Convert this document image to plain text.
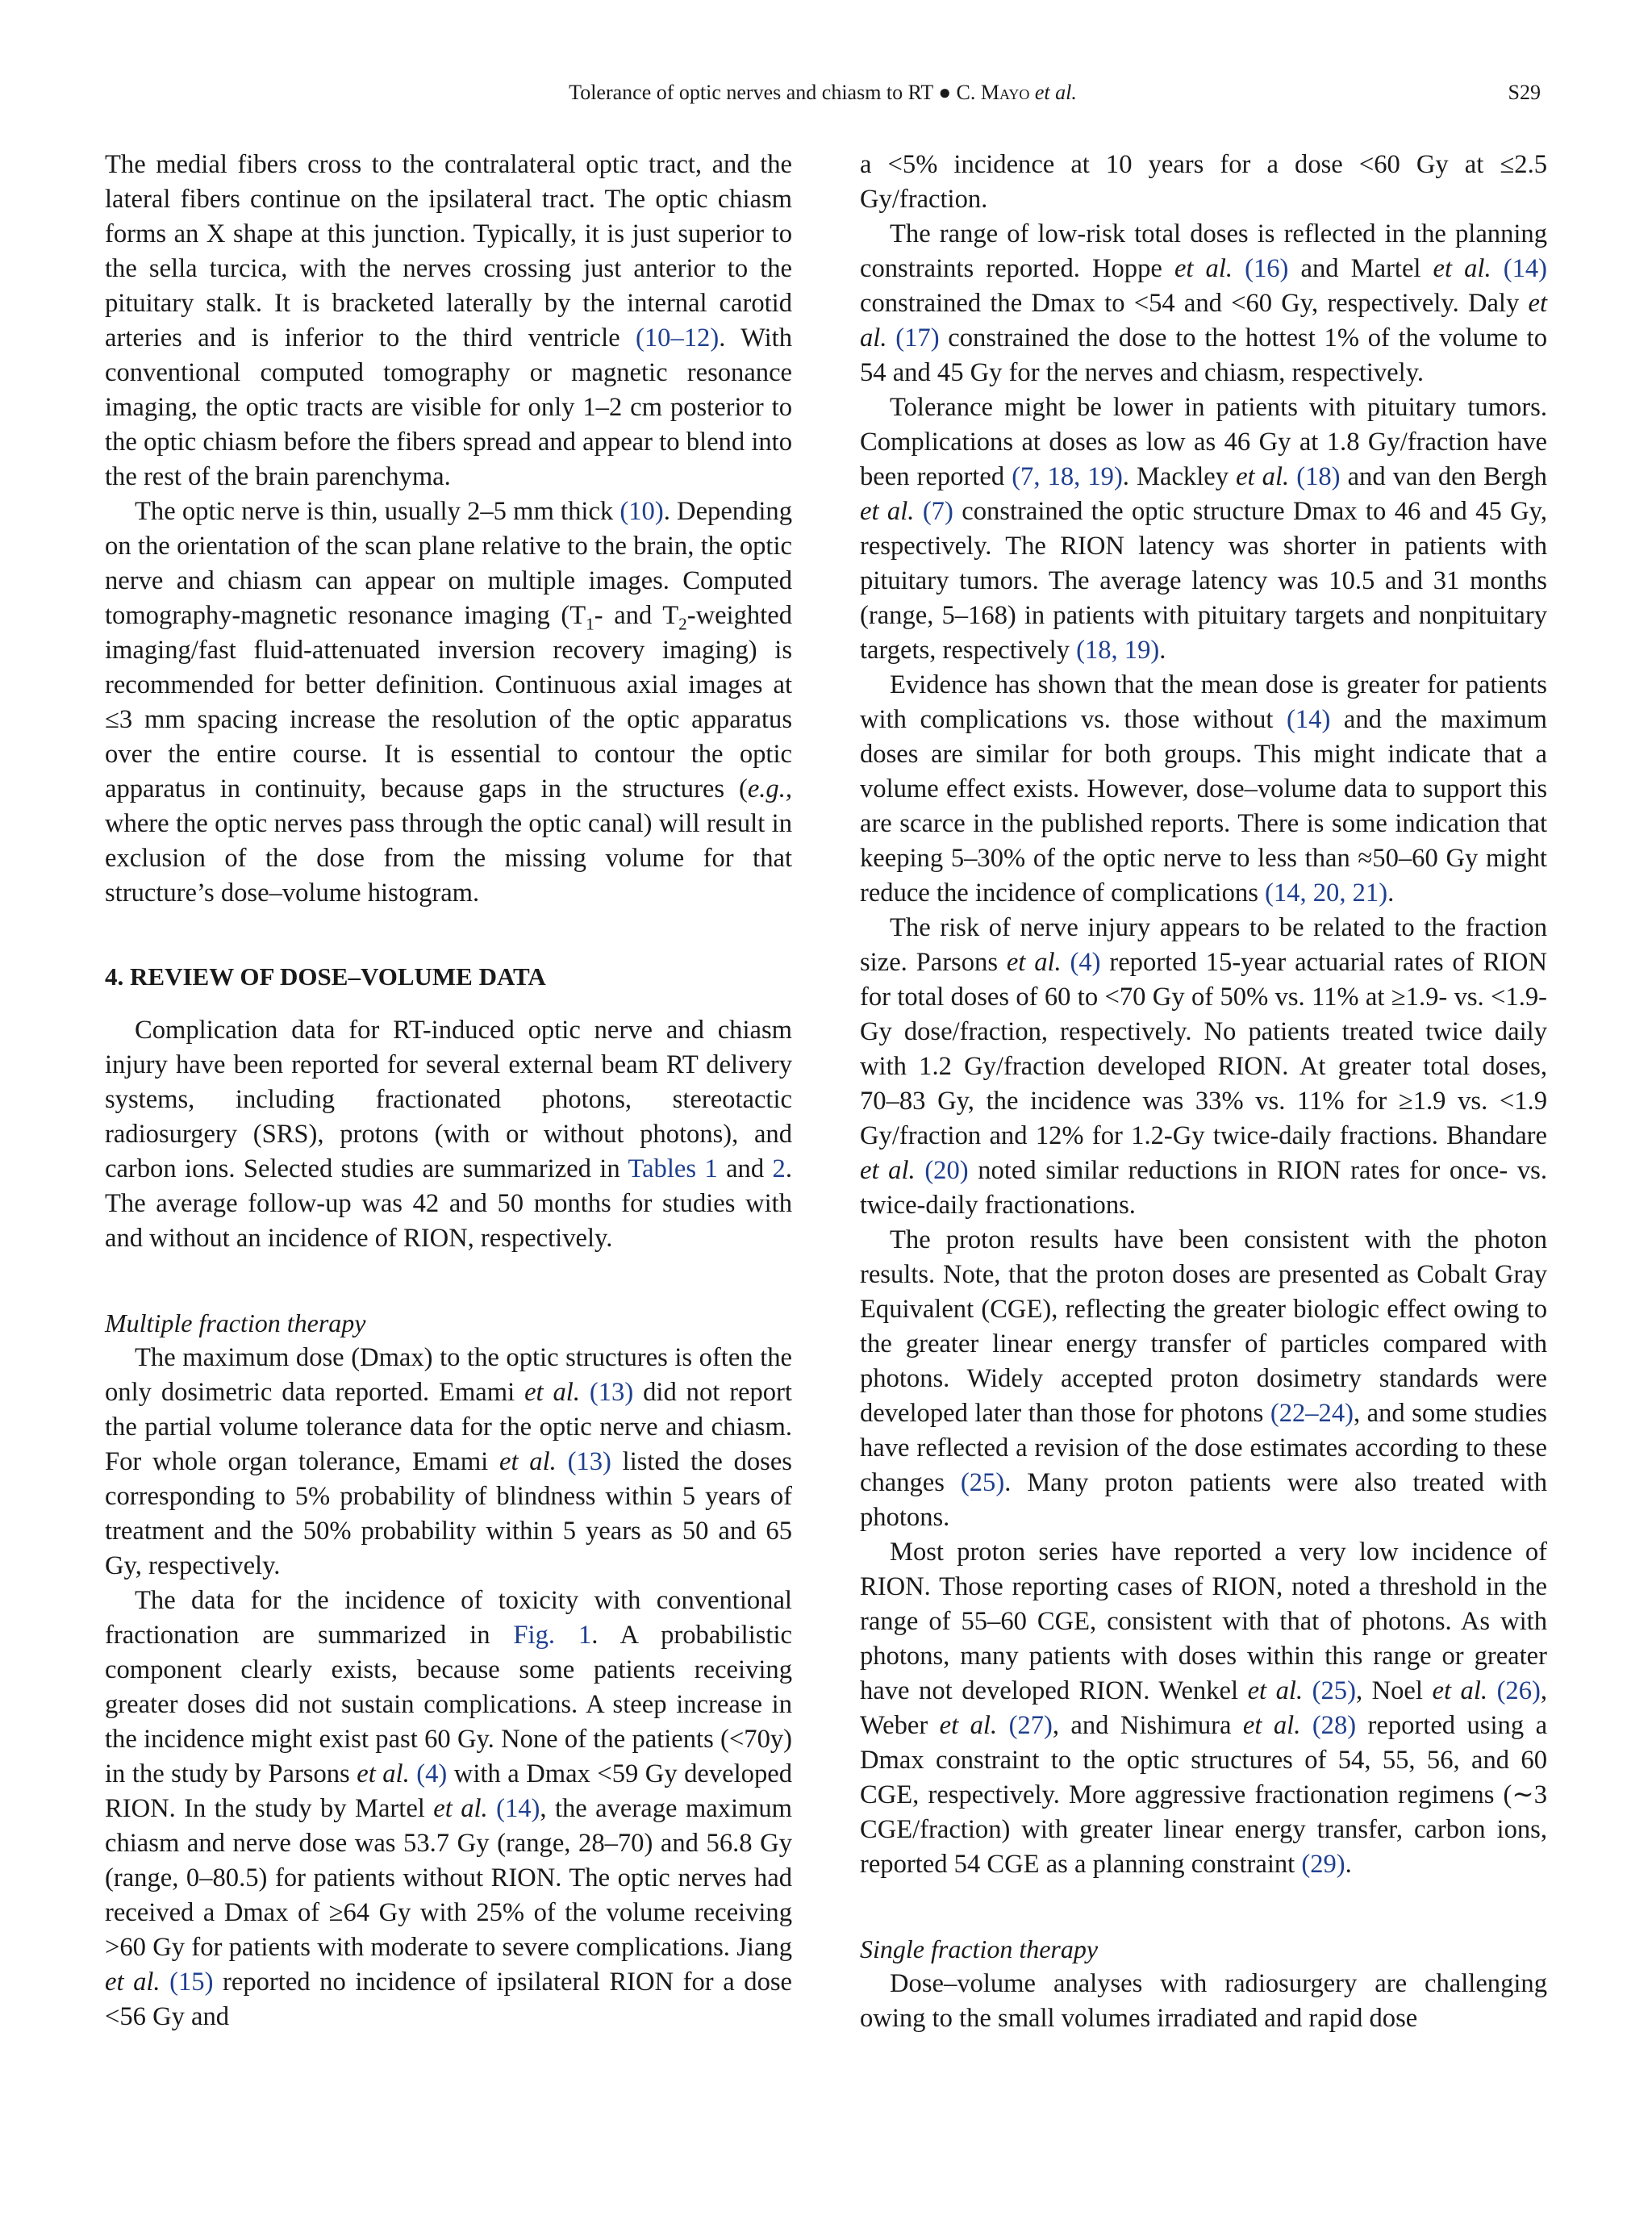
Tolerance of optic nerves and chiasm to RT ● C. Mayo et al.	S29

The medial fibers cross to the contralateral optic tract, and the lateral fibers continue on the ipsilateral tract. The optic chiasm forms an X shape at this junction. Typically, it is just superior to the sella turcica, with the nerves crossing just anterior to the pituitary stalk. It is bracketed laterally by the internal carotid arteries and is inferior to the third ventricle (10–12). With conventional computed tomography or magnetic resonance imaging, the optic tracts are visible for only 1–2 cm posterior to the optic chiasm before the fibers spread and appear to blend into the rest of the brain parenchyma.

The optic nerve is thin, usually 2–5 mm thick (10). Depending on the orientation of the scan plane relative to the brain, the optic nerve and chiasm can appear on multiple images. Computed tomography-magnetic resonance imaging ($T_1-$ and $T_2$-weighted imaging/fast fluid-attenuated inversion recovery imaging) is recommended for better definition. Continuous axial images at ≤3 mm spacing increase the resolution of the optic apparatus over the entire course. It is essential to contour the optic apparatus in continuity, because gaps in the structures (e.g., where the optic nerves pass through the optic canal) will result in exclusion of the dose from the missing volume for that structure’s dose–volume histogram.

4. REVIEW OF DOSE–VOLUME DATA

Complication data for RT-induced optic nerve and chiasm injury have been reported for several external beam RT delivery systems, including fractionated photons, stereotactic radiosurgery (SRS), protons (with or without photons), and carbon ions. Selected studies are summarized in Tables 1 and 2. The average follow-up was 42 and 50 months for studies with and without an incidence of RION, respectively.

Multiple fraction therapy

The maximum dose (Dmax) to the optic structures is often the only dosimetric data reported. Emami et al. (13) did not report the partial volume tolerance data for the optic nerve and chiasm. For whole organ tolerance, Emami et al. (13) listed the doses corresponding to 5% probability of blindness within 5 years of treatment and the 50% probability within 5 years as 50 and 65 Gy, respectively.

The data for the incidence of toxicity with conventional fractionation are summarized in Fig. 1. A probabilistic component clearly exists, because some patients receiving greater doses did not sustain complications. A steep increase in the incidence might exist past 60 Gy. None of the patients (<70y) in the study by Parsons et al. (4) with a Dmax <59 Gy developed RION. In the study by Martel et al. (14), the average maximum chiasm and nerve dose was 53.7 Gy (range, 28–70) and 56.8 Gy (range, 0–80.5) for patients without RION. The optic nerves had received a Dmax of ≥64 Gy with 25% of the volume receiving >60 Gy for patients with moderate to severe complications. Jiang et al. (15) reported no incidence of ipsilateral RION for a dose <56 Gy and

a <5% incidence at 10 years for a dose <60 Gy at ≤2.5 Gy/fraction.

The range of low-risk total doses is reflected in the planning constraints reported. Hoppe et al. (16) and Martel et al. (14) constrained the Dmax to <54 and <60 Gy, respectively. Daly et al. (17) constrained the dose to the hottest 1% of the volume to 54 and 45 Gy for the nerves and chiasm, respectively.

Tolerance might be lower in patients with pituitary tumors. Complications at doses as low as 46 Gy at 1.8 Gy/fraction have been reported (7, 18, 19). Mackley et al. (18) and van den Bergh et al. (7) constrained the optic structure Dmax to 46 and 45 Gy, respectively. The RION latency was shorter in patients with pituitary tumors. The average latency was 10.5 and 31 months (range, 5–168) in patients with pituitary targets and nonpituitary targets, respectively (18, 19).

Evidence has shown that the mean dose is greater for patients with complications vs. those without (14) and the maximum doses are similar for both groups. This might indicate that a volume effect exists. However, dose–volume data to support this are scarce in the published reports. There is some indication that keeping 5–30% of the optic nerve to less than ≈50–60 Gy might reduce the incidence of complications (14, 20, 21).

The risk of nerve injury appears to be related to the fraction size. Parsons et al. (4) reported 15-year actuarial rates of RION for total doses of 60 to <70 Gy of 50% vs. 11% at ≥1.9- vs. <1.9-Gy dose/fraction, respectively. No patients treated twice daily with 1.2 Gy/fraction developed RION. At greater total doses, 70–83 Gy, the incidence was 33% vs. 11% for ≥1.9 vs. <1.9 Gy/fraction and 12% for 1.2-Gy twice-daily fractions. Bhandare et al. (20) noted similar reductions in RION rates for once- vs. twice-daily fractionations.

The proton results have been consistent with the photon results. Note, that the proton doses are presented as Cobalt Gray Equivalent (CGE), reflecting the greater biologic effect owing to the greater linear energy transfer of particles compared with photons. Widely accepted proton dosimetry standards were developed later than those for photons (22–24), and some studies have reflected a revision of the dose estimates according to these changes (25). Many proton patients were also treated with photons.

Most proton series have reported a very low incidence of RION. Those reporting cases of RION, noted a threshold in the range of 55–60 CGE, consistent with that of photons. As with photons, many patients with doses within this range or greater have not developed RION. Wenkel et al. (25), Noel et al. (26), Weber et al. (27), and Nishimura et al. (28) reported using a Dmax constraint to the optic structures of 54, 55, 56, and 60 CGE, respectively. More aggressive fractionation regimens (∼3 CGE/fraction) with greater linear energy transfer, carbon ions, reported 54 CGE as a planning constraint (29).

Single fraction therapy

Dose–volume analyses with radiosurgery are challenging owing to the small volumes irradiated and rapid dose
